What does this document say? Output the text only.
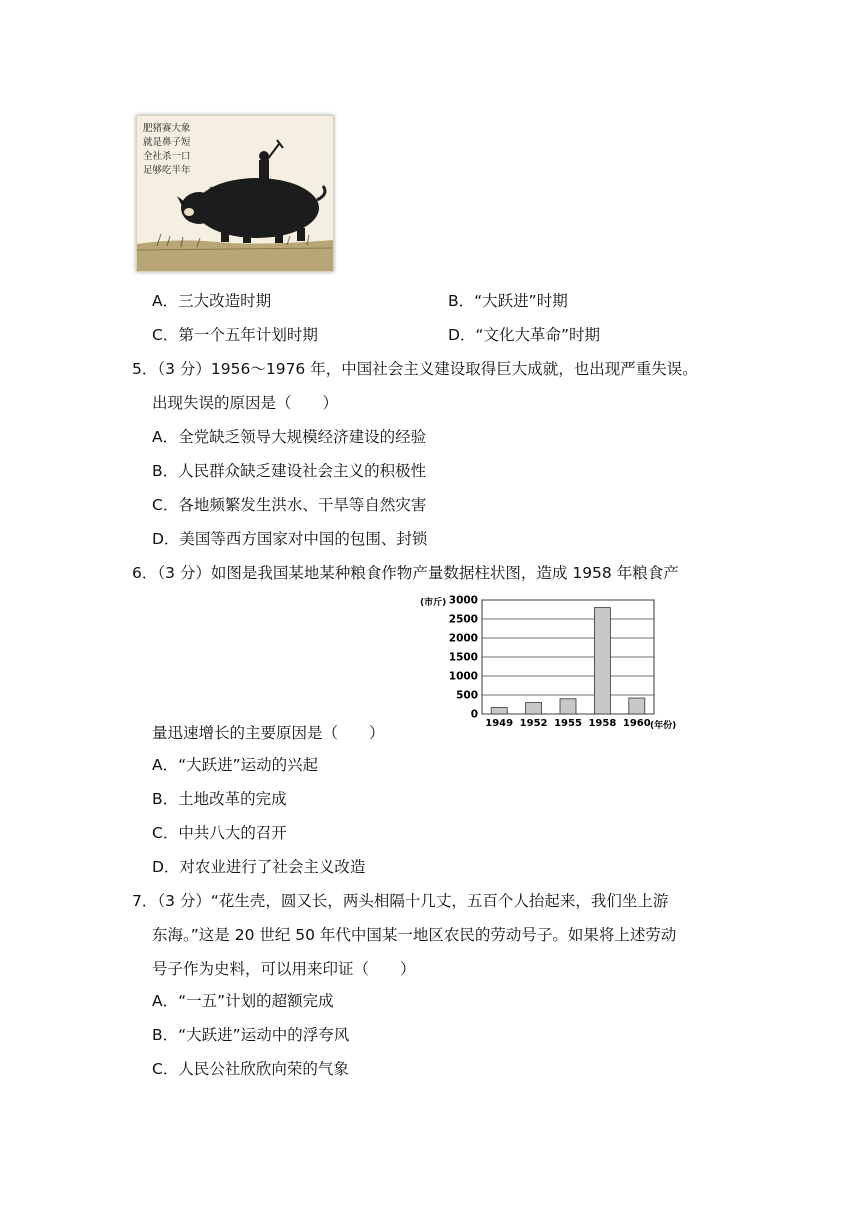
肥猪赛大象
就是鼻子短
全社杀一口
足够吃半年
A．三大改造时期	B．“大跃进”时期
C．第一个五年计划时期	D．“文化大革命”时期
5．（3 分）1956～1976 年，中国社会主义建设取得巨大成就，也出现严重失误。
出现失误的原因是（　　）
A．全党缺乏领导大规模经济建设的经验
B．人民群众缺乏建设社会主义的积极性
C．各地频繁发生洪水、干旱等自然灾害
D．美国等西方国家对中国的包围、封锁
6．（3 分）如图是我国某地某种粮食作物产量数据柱状图，造成 1958 年粮食产
(市斤)
(年份)
0
500
1000
1500
2000
2500
3000
1949 1952 1955 1958 1960
量迅速增长的主要原因是（　　）
A．“大跃进”运动的兴起
B．土地改革的完成
C．中共八大的召开
D．对农业进行了社会主义改造
7．（3 分）“花生壳，圆又长，两头相隔十几丈，五百个人抬起来，我们坐上游
东海。”这是 20 世纪 50 年代中国某一地区农民的劳动号子。如果将上述劳动
号子作为史料，可以用来印证（　　）
A．“一五”计划的超额完成
B．“大跃进”运动中的浮夸风
C．人民公社欣欣向荣的气象
